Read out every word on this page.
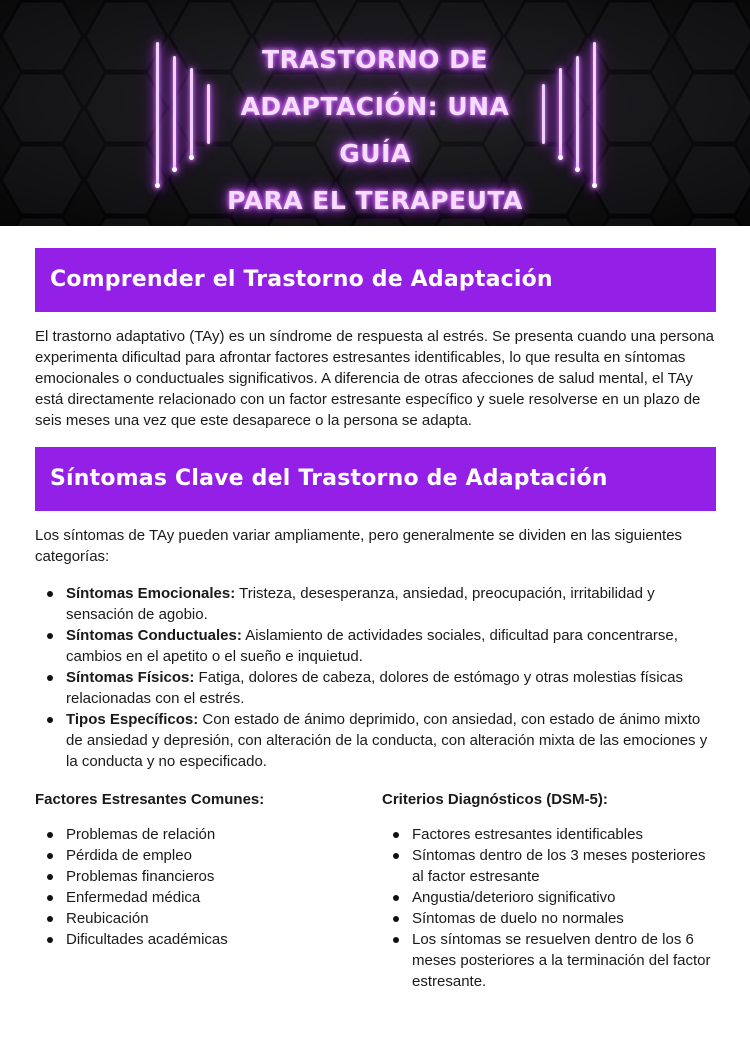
TRASTORNO DE
ADAPTACIÓN: UNA GUÍA
PARA EL TERAPEUTA
Comprender el Trastorno de Adaptación

El trastorno adaptativo (TAy) es un síndrome de respuesta al estrés. Se presenta cuando una persona experimenta dificultad para afrontar factores estresantes identificables, lo que resulta en síntomas emocionales o conductuales significativos. A diferencia de otras afecciones de salud mental, el TAy está directamente relacionado con un factor estresante específico y suele resolverse en un plazo de seis meses una vez que este desaparece o la persona se adapta.

Síntomas Clave del Trastorno de Adaptación

Los síntomas de TAy pueden variar ampliamente, pero generalmente se dividen en las siguientes categorías:

Síntomas Emocionales: Tristeza, desesperanza, ansiedad, preocupación, irritabilidad y sensación de agobio.
Síntomas Conductuales: Aislamiento de actividades sociales, dificultad para concentrarse, cambios en el apetito o el sueño e inquietud.
Síntomas Físicos: Fatiga, dolores de cabeza, dolores de estómago y otras molestias físicas relacionadas con el estrés.
Tipos Específicos: Con estado de ánimo deprimido, con ansiedad, con estado de ánimo mixto de ansiedad y depresión, con alteración de la conducta, con alteración mixta de las emociones y la conducta y no especificado.
Factores Estresantes Comunes:
Problemas de relación
Pérdida de empleo
Problemas financieros
Enfermedad médica
Reubicación
Dificultades académicas
Criterios Diagnósticos (DSM-5):
Factores estresantes identificables
Síntomas dentro de los 3 meses posteriores al factor estresante
Angustia/deterioro significativo
Síntomas de duelo no normales
Los síntomas se resuelven dentro de los 6 meses posteriores a la terminación del factor estresante.
